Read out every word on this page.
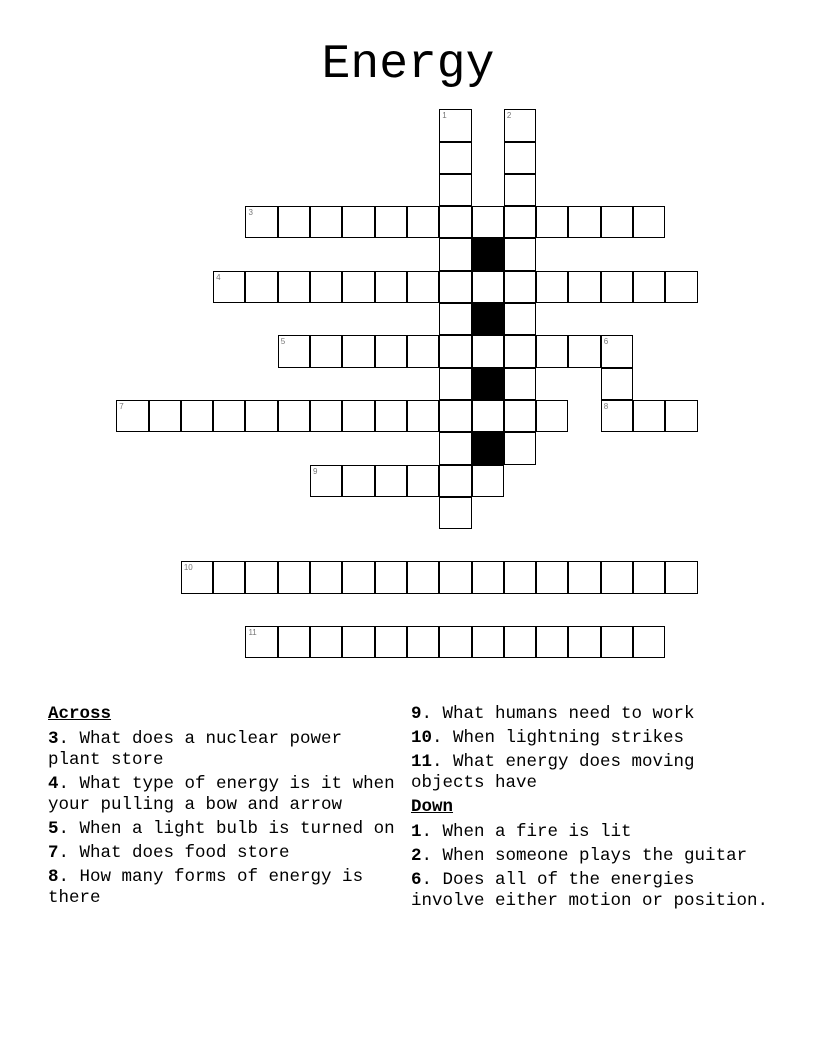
Energy
1	2
3
4
5	6
8
7
9
10
11
Across
3. What does a nuclear power plant store
4. What type of energy is it when your pulling a bow and arrow
5. When a light bulb is turned on
7. What does food store
8. How many forms of energy is there
9. What humans need to work
10. When lightning strikes
11. What energy does moving objects have
Down
1. When a fire is lit
2. When someone plays the guitar
6. Does all of the energies involve either motion or position.
